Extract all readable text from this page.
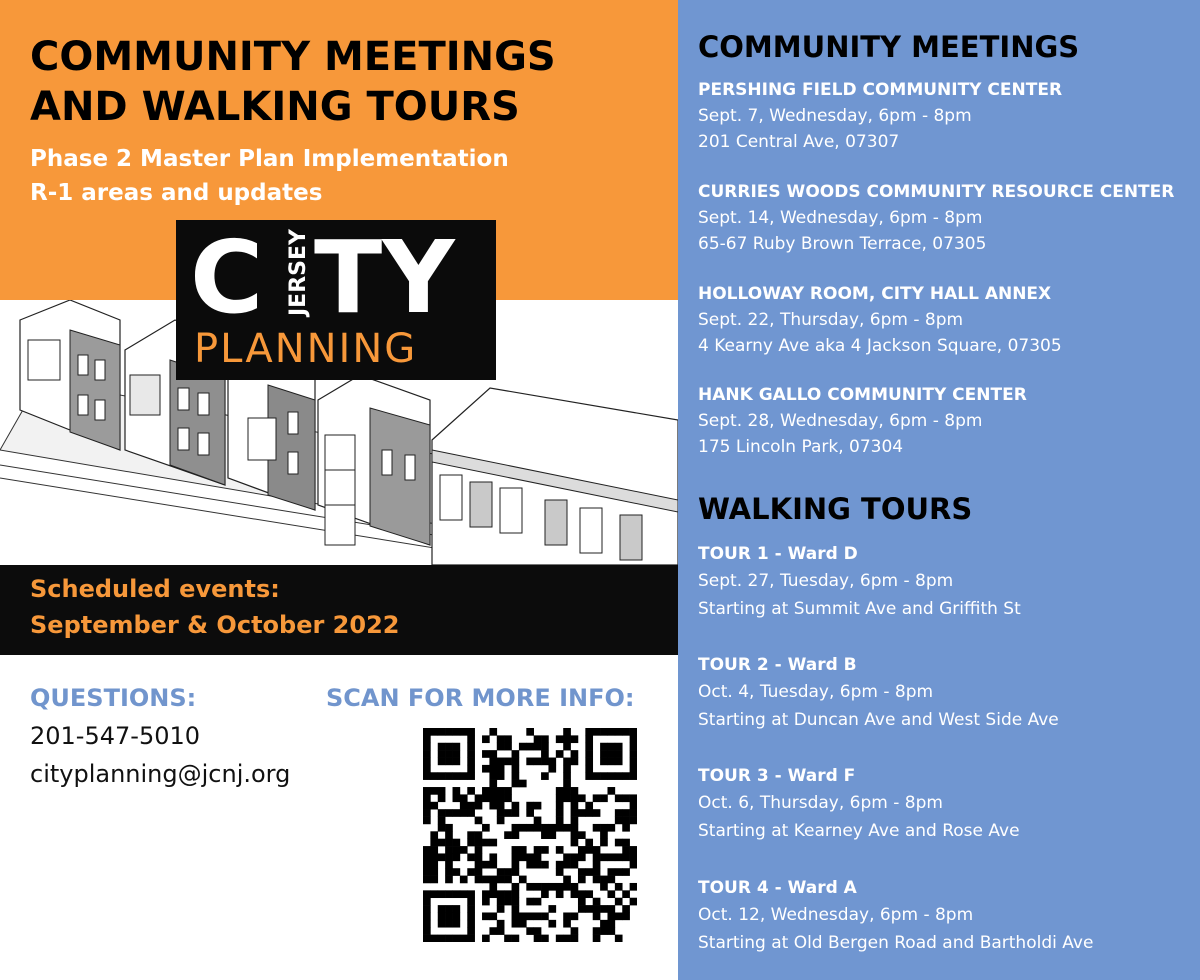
COMMUNITY MEETINGS
AND WALKING TOURS
Phase 2 Master Plan Implementation
R-1 areas and updates
C JERSEY TY
PLANNING
Scheduled events:
September & October 2022
QUESTIONS:
201-547-5010
cityplanning@jcnj.org
SCAN FOR MORE INFO:
COMMUNITY MEETINGS
PERSHING FIELD COMMUNITY CENTER
Sept. 7, Wednesday, 6pm - 8pm
201 Central Ave, 07307
CURRIES WOODS COMMUNITY RESOURCE CENTER
Sept. 14, Wednesday, 6pm - 8pm
65-67 Ruby Brown Terrace, 07305
HOLLOWAY ROOM, CITY HALL ANNEX
Sept. 22, Thursday, 6pm - 8pm
4 Kearny Ave aka 4 Jackson Square, 07305
HANK GALLO COMMUNITY CENTER
Sept. 28, Wednesday, 6pm - 8pm
175 Lincoln Park, 07304
WALKING TOURS
TOUR 1 - Ward D
Sept. 27, Tuesday, 6pm - 8pm
Starting at Summit Ave and Griffith St
TOUR 2 - Ward B
Oct. 4, Tuesday, 6pm - 8pm
Starting at Duncan Ave and West Side Ave
TOUR 3 - Ward F
Oct. 6, Thursday, 6pm - 8pm
Starting at Kearney Ave and Rose Ave
TOUR 4 - Ward A
Oct. 12, Wednesday, 6pm - 8pm
Starting at Old Bergen Road and Bartholdi Ave
